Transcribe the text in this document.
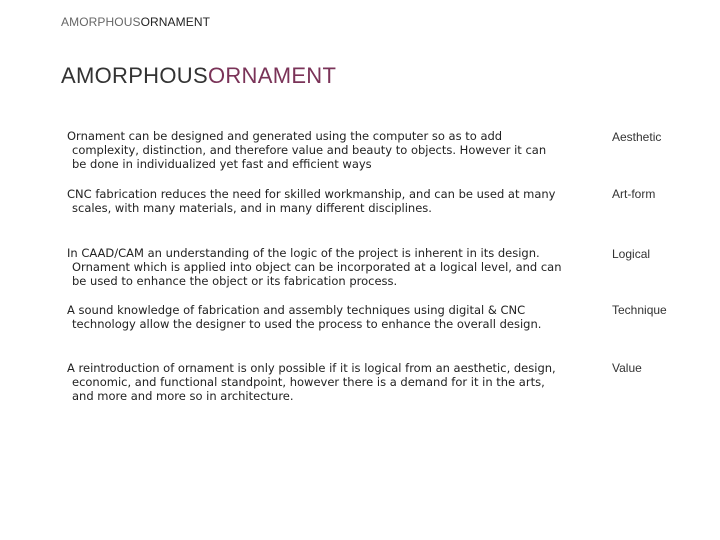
AMORPHOUSORNAMENT
AMORPHOUSORNAMENT
Ornament can be designed and generated using the computer so as to add
complexity, distinction, and therefore value and beauty to objects. However it can
be done in individualized yet fast and efficient ways
Aesthetic
CNC fabrication reduces the need for skilled workmanship, and can be used at many
scales, with many materials, and in many different disciplines.
Art-form
In CAAD/CAM an understanding of the logic of the project is inherent in its design.
Ornament which is applied into object can be incorporated at a logical level, and can
be used to enhance the object or its fabrication process.
Logical
A sound knowledge of fabrication and assembly techniques using digital & CNC
technology allow the designer to used the process to enhance the overall design.
Technique
A reintroduction of ornament is only possible if it is logical from an aesthetic, design,
economic, and functional standpoint, however there is a demand for it in the arts,
and more and more so in architecture.
Value
